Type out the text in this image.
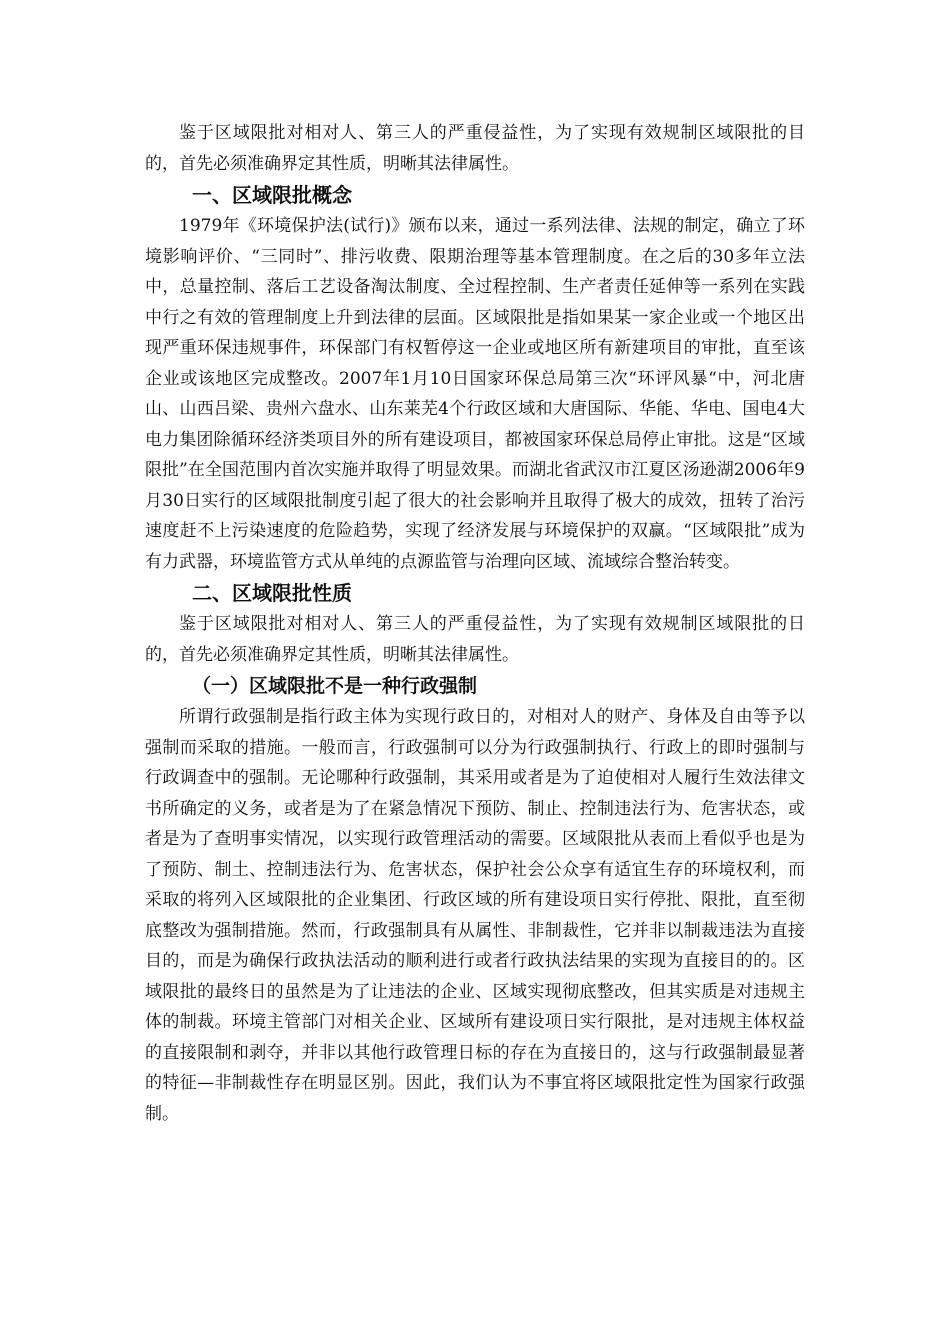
鉴于区域限批对相对人、第三人的严重侵益性，为了实现有效规制区域限批的目的，首先必须准确界定其性质，明晰其法律属性。

一、区域限批概念

1979年《环境保护法(试行)》颁布以来，通过一系列法律、法规的制定，确立了环境影响评价、“三同时”、排污收费、限期治理等基本管理制度。在之后的30多年立法中，总量控制、落后工艺设备淘汰制度、全过程控制、生产者责任延伸等一系列在实践中行之有效的管理制度上升到法律的层面。区域限批是指如果某一家企业或一个地区出现严重环保违规事件，环保部门有权暂停这一企业或地区所有新建项目的审批，直至该企业或该地区完成整改。2007年1月10日国家环保总局第三次“环评风暴“中，河北唐山、山西吕梁、贵州六盘水、山东莱芜4个行政区域和大唐国际、华能、华电、国电4大电力集团除循环经济类项目外的所有建设项目，都被国家环保总局停止审批。这是“区域限批”在全国范围内首次实施并取得了明显效果。而湖北省武汉市江夏区汤逊湖2006年9月30日实行的区域限批制度引起了很大的社会影响并且取得了极大的成效，扭转了治污速度赶不上污染速度的危险趋势，实现了经济发展与环境保护的双赢。“区域限批”成为有力武器，环境监管方式从单纯的点源监管与治理向区域、流域综合整治转变。

二、区域限批性质

鉴于区域限批对相对人、第三人的严重侵益性，为了实现有效规制区域限批的日的，首先必须准确界定其性质，明晰其法律属性。

（一）区域限批不是一种行政强制

所谓行政强制是指行政主体为实现行政日的，对相对人的财产、身体及自由等予以强制而采取的措施。一般而言，行政强制可以分为行政强制执行、行政上的即时强制与行政调查中的强制。无论哪种行政强制，其采用或者是为了迫使相对人履行生效法律文书所确定的义务，或者是为了在紧急情况下预防、制止、控制违法行为、危害状态，或者是为了查明事实情况，以实现行政管理活动的需要。区域限批从表而上看似乎也是为了预防、制土、控制违法行为、危害状态，保护社会公众享有适宜生存的环境权利，而采取的将列入区域限批的企业集团、行政区域的所有建设项日实行停批、限批，直至彻底整改为强制措施。然而，行政强制具有从属性、非制裁性，它并非以制裁违法为直接目的，而是为确保行政执法活动的顺利进行或者行政执法结果的实现为直接目的的。区域限批的最终日的虽然是为了让违法的企业、区域实现彻底整改，但其实质是对违规主体的制裁。环境主管部门对相关企业、区域所有建设项日实行限批，是对违规主体权益的直接限制和剥夺，并非以其他行政管理日标的存在为直接日的，这与行政强制最显著的特征—非制裁性存在明显区别。因此，我们认为不事宜将区域限批定性为国家行政强制。
